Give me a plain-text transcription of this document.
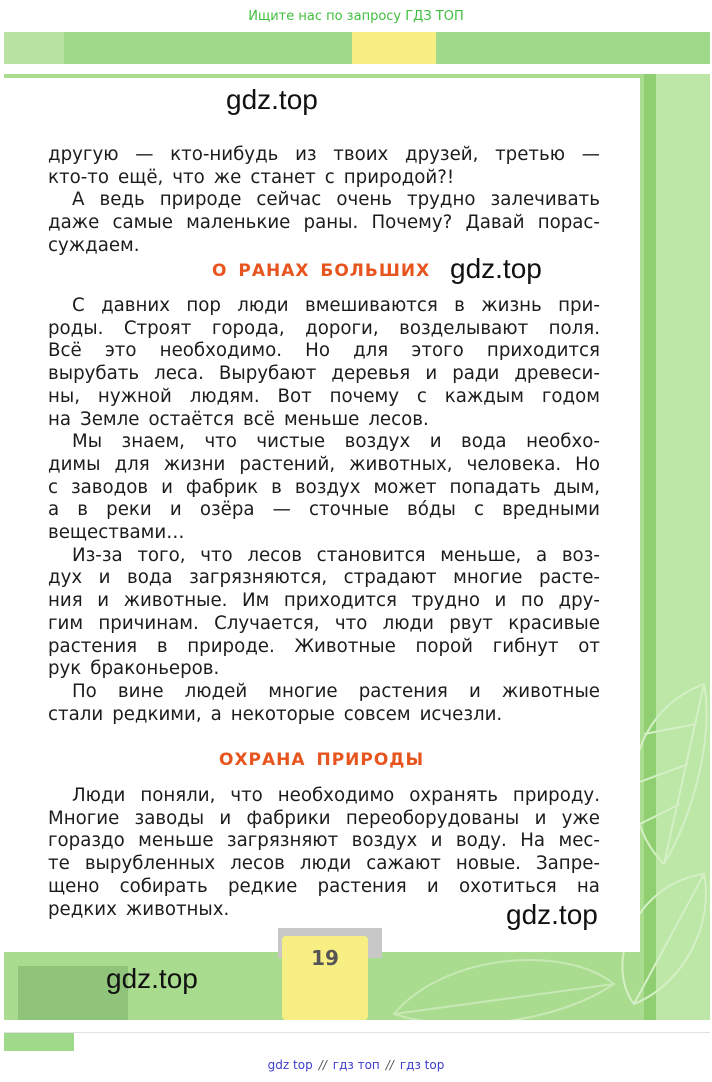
Ищите нас по запросу ГДЗ ТОП
19
gdz.top
gdz.top
gdz.top
gdz.top
другую — кто-нибудь из твоих друзей, третью —
кто-то ещё, что же станет с природой?!
А ведь природе сейчас очень трудно залечивать
даже самые маленькие раны. Почему? Давай порас-
суждаем.
О РАНАХ БОЛЬШИХ
С давних пор люди вмешиваются в жизнь при-
роды. Строят города, дороги, возделывают поля.
Всё это необходимо. Но для этого приходится
вырубать леса. Вырубают деревья и ради древеси-
ны, нужной людям. Вот почему с каждым годом
на Земле остаётся всё меньше лесов.
Мы знаем, что чистые воздух и вода необхо-
димы для жизни растений, животных, человека. Но
с заводов и фабрик в воздух может попадать дым,
а в реки и озёра — сточные во́ды с вредными
веществами…
Из-за того, что лесов становится меньше, а воз-
дух и вода загрязняются, страдают многие расте-
ния и животные. Им приходится трудно и по дру-
гим причинам. Случается, что люди рвут красивые
растения в природе. Животные порой гибнут от
рук браконьеров.
По вине людей многие растения и животные
стали редкими, а некоторые совсем исчезли.
ОХРАНА ПРИРОДЫ
Люди поняли, что необходимо охранять природу.
Многие заводы и фабрики переоборудованы и уже
гораздо меньше загрязняют воздух и воду. На мес-
те вырубленных лесов люди сажают новые. Запре-
щено собирать редкие растения и охотиться на
редких животных.
gdz top // гдз топ // гдз top
